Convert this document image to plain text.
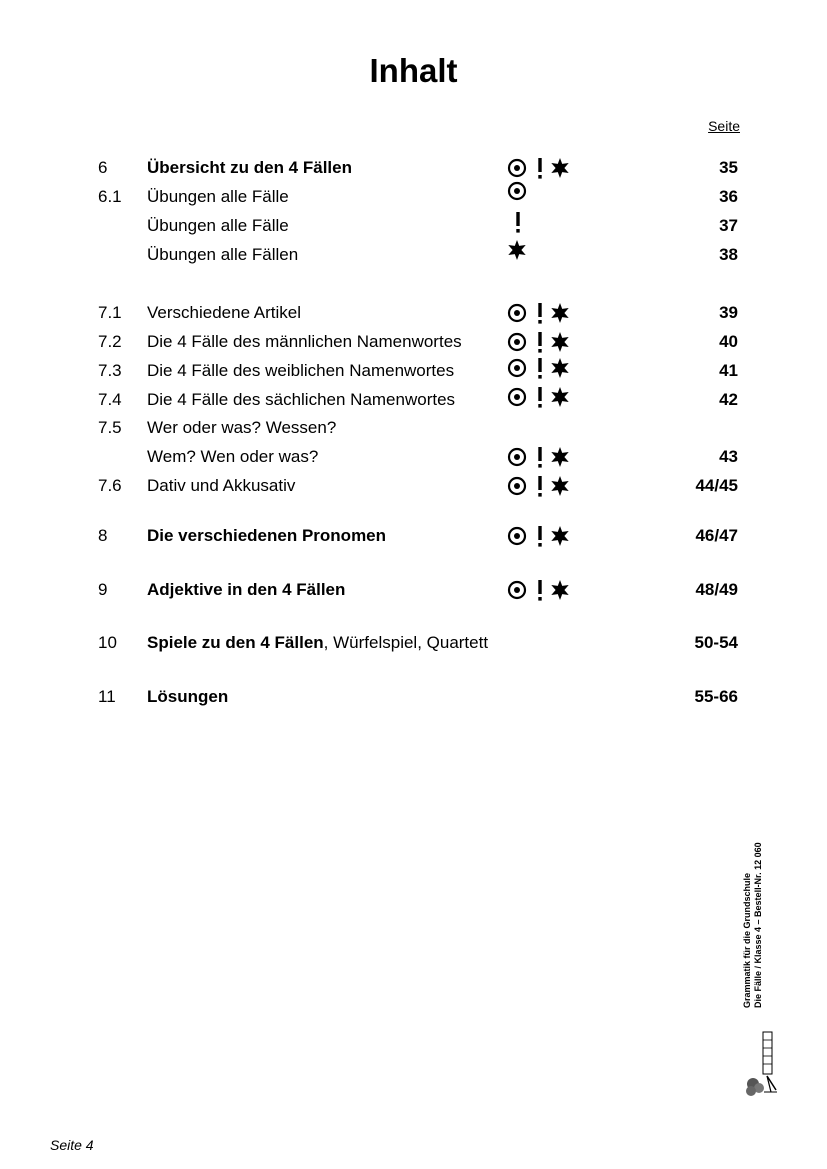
Inhalt
Seite
6 Übersicht zu den 4 Fällen	35
6.1 Übungen alle Fälle	36
Übungen alle Fälle	37
Übungen alle Fällen	38
7.1 Verschiedene Artikel	39
7.2 Die 4 Fälle des männlichen Namenwortes	40
7.3 Die 4 Fälle des weiblichen Namenwortes	41
7.4 Die 4 Fälle des sächlichen Namenwortes	42
7.5 Wer oder was? Wessen?
Wem? Wen oder was?	43
7.6 Dativ und Akkusativ	44/45
8 Die verschiedenen Pronomen	46/47
9 Adjektive in den 4 Fällen	48/49
10 Spiele zu den 4 Fällen, Würfelspiel, Quartett	50-54
11 Lösungen	55-66
Grammatik für die Grundschule Die Fälle / Klasse 4 – Bestell-Nr. 12 060
Seite 4
